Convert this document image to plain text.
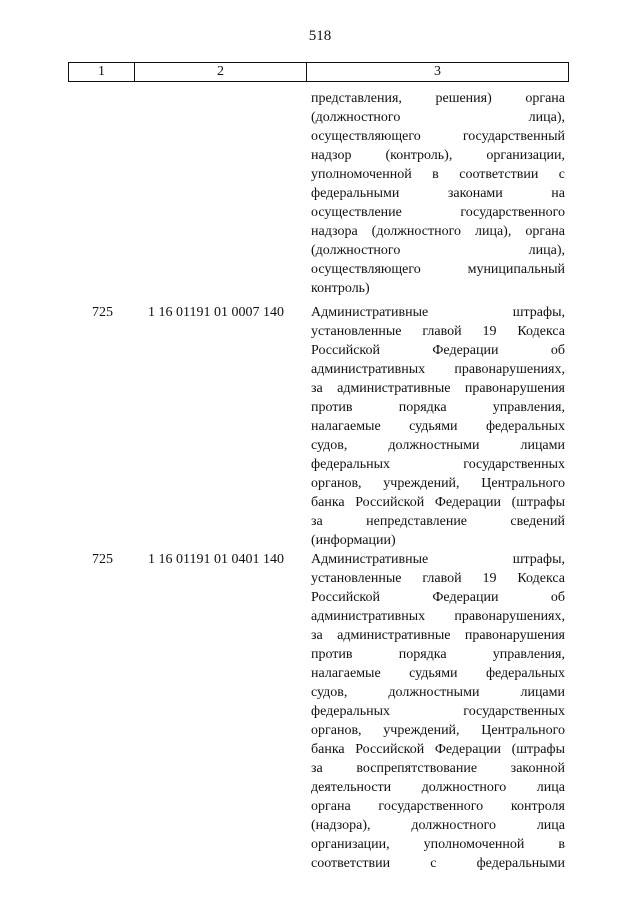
518
1	2	3
представления, решения) органа
(должностного лица),
осуществляющего государственный
надзор (контроль), организации,
уполномоченной в соответствии с
федеральными законами на
осуществление государственного
надзора (должностного лица), органа
(должностного лица),
осуществляющего муниципальный
контроль)
725	1 16 01191 01 0007 140 Административные штрафы,
установленные главой 19 Кодекса
Российской Федерации об
административных правонарушениях,
за административные правонарушения
против порядка управления,
налагаемые судьями федеральных
судов, должностными лицами
федеральных государственных
органов, учреждений, Центрального
банка Российской Федерации (штрафы
за непредставление сведений
(информации)
725	1 16 01191 01 0401 140 Административные штрафы,
установленные главой 19 Кодекса
Российской Федерации об
административных правонарушениях,
за административные правонарушения
против порядка управления,
налагаемые судьями федеральных
судов, должностными лицами
федеральных государственных
органов, учреждений, Центрального
банка Российской Федерации (штрафы
за воспрепятствование законной
деятельности должностного лица
органа государственного контроля
(надзора), должностного лица
организации, уполномоченной в
соответствии с федеральными
